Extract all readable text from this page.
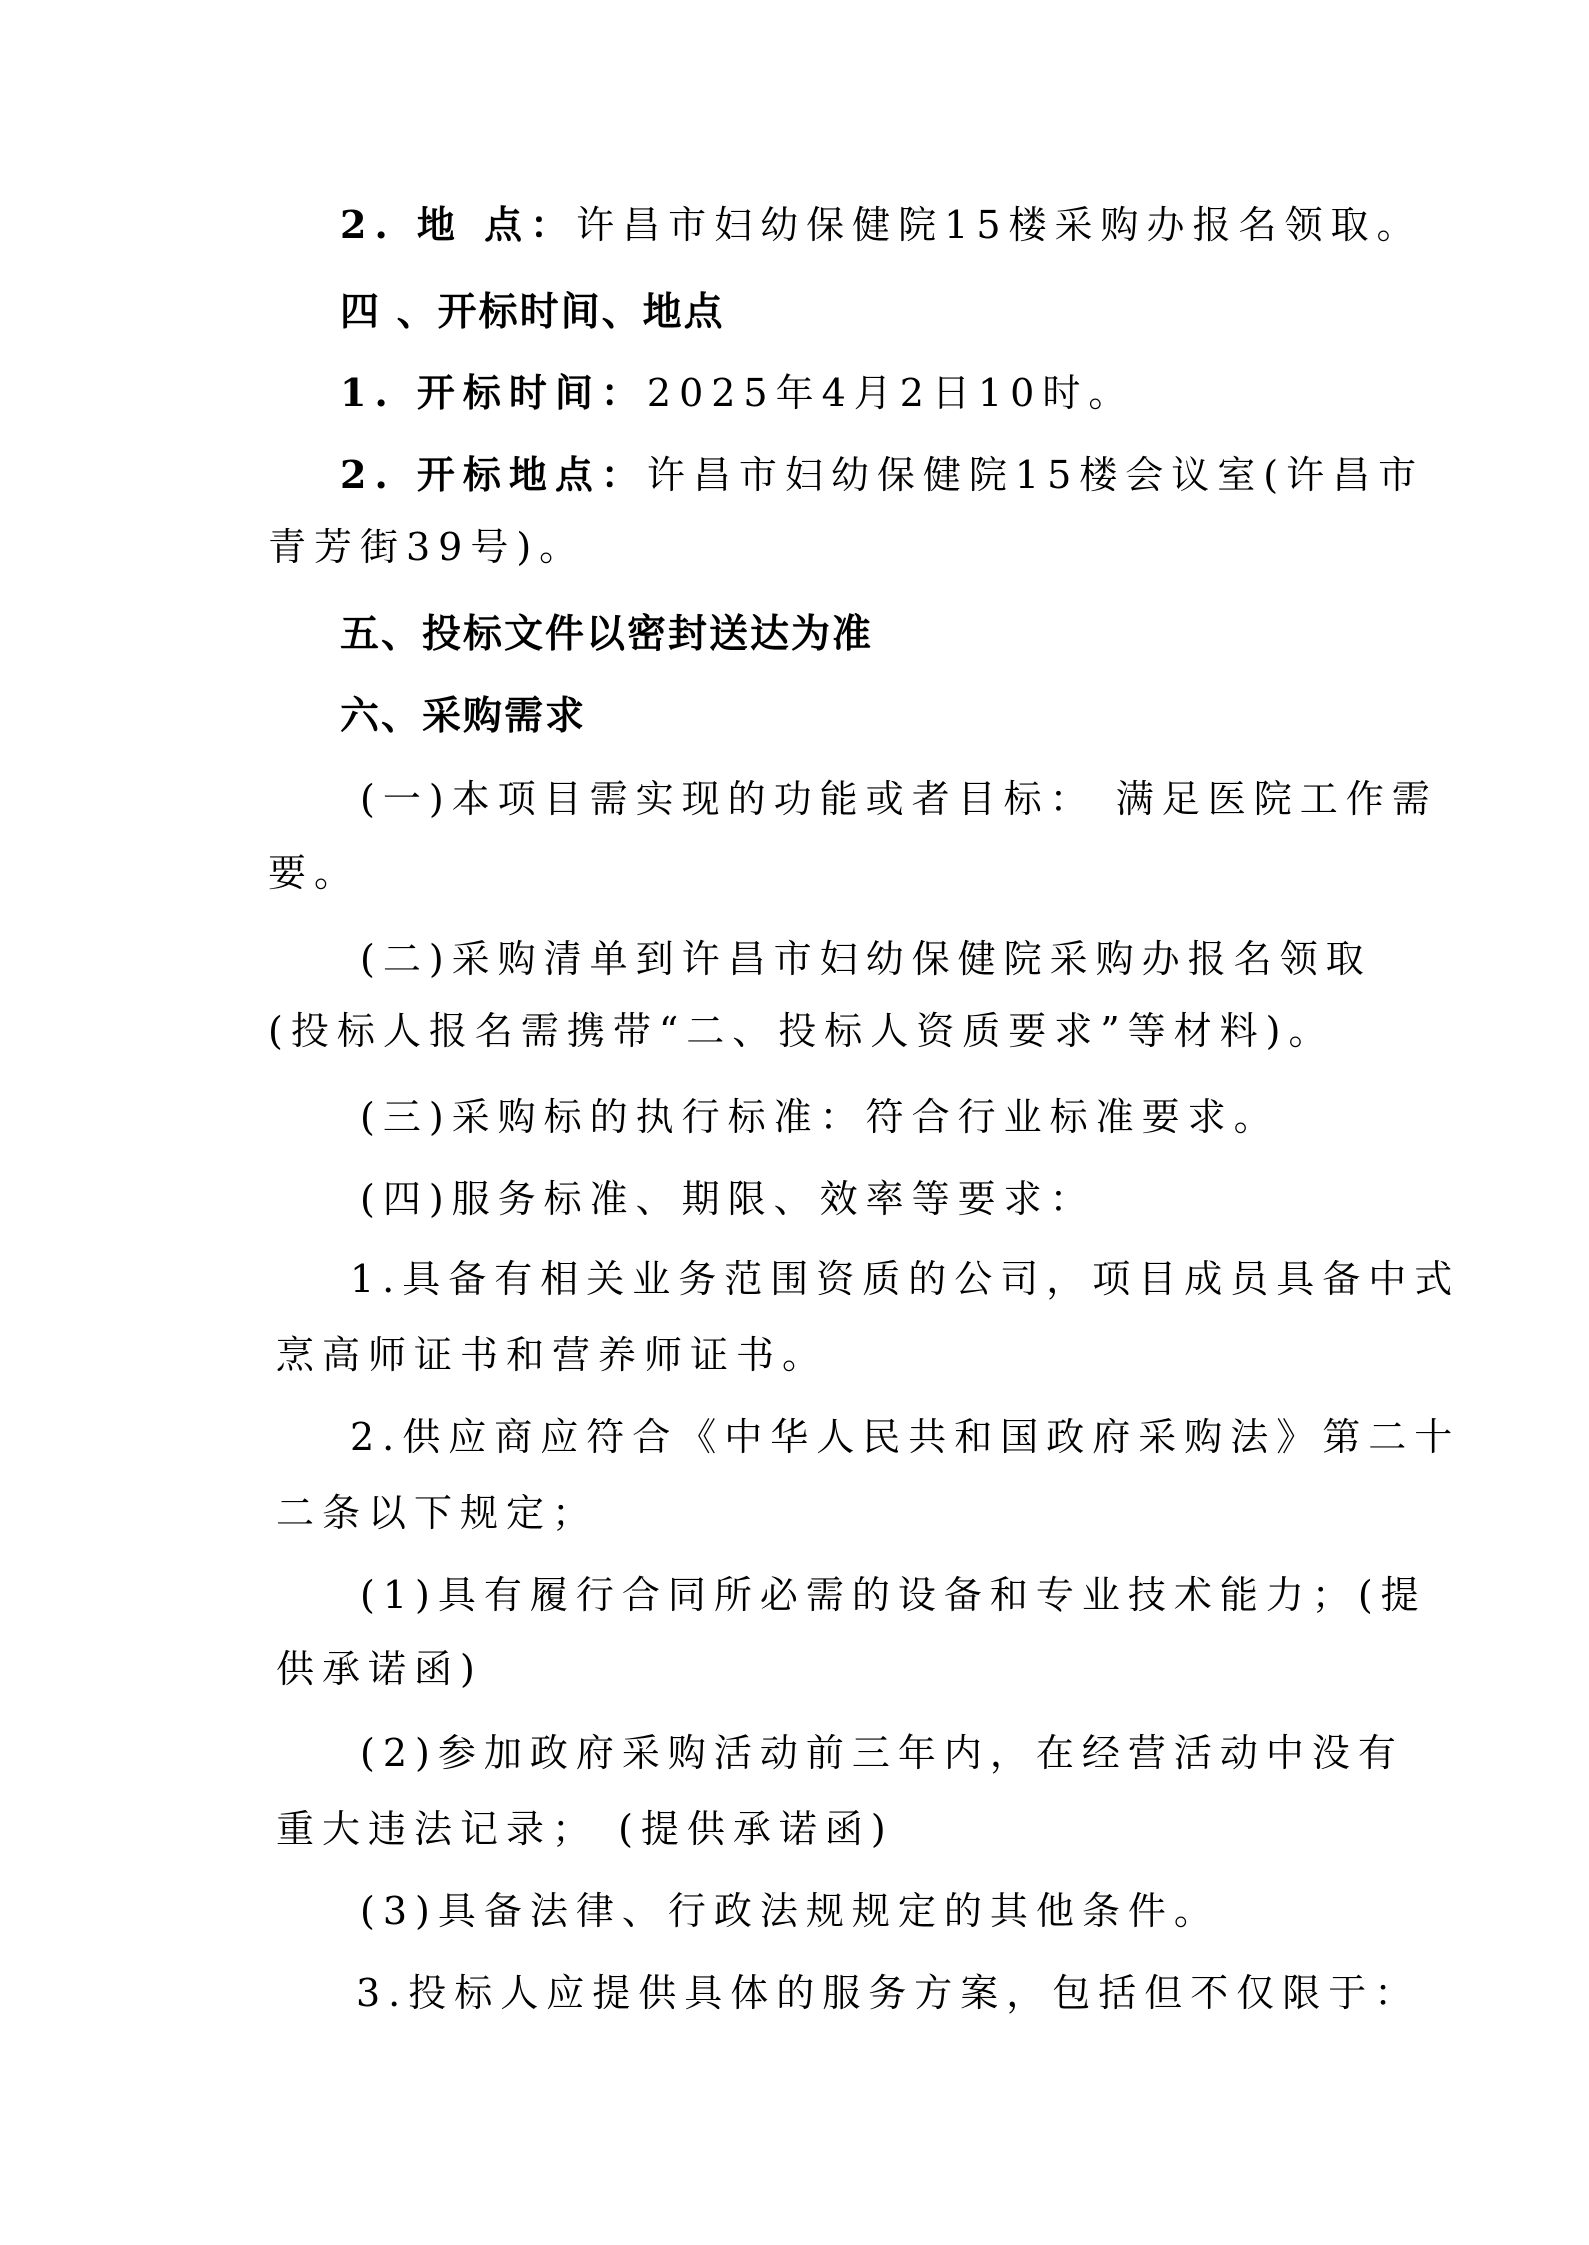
2. 地 点：许昌市妇幼保健院15楼采购办报名领取。
四 、开标时间、地点
1. 开标时间：2025年4月2日10时。
2. 开标地点：许昌市妇幼保健院15楼会议室(许昌市
青芳街39号)。
五、投标文件以密封送达为准
六、采购需求
(一)本项目需实现的功能或者目标： 满足医院工作需
要。
(二)采购清单到许昌市妇幼保健院采购办报名领取
(投标人报名需携带“二、投标人资质要求”等材料)。
(三)采购标的执行标准：符合行业标准要求。
(四)服务标准、期限、效率等要求：
1.具备有相关业务范围资质的公司，项目成员具备中式
烹高师证书和营养师证书。
2.供应商应符合《中华人民共和国政府采购法》第二十
二条以下规定；
(1)具有履行合同所必需的设备和专业技术能力；(提
供承诺函)
(2)参加政府采购活动前三年内，在经营活动中没有
重大违法记录； (提供承诺函)
(3)具备法律、行政法规规定的其他条件。
3.投标人应提供具体的服务方案，包括但不仅限于：
